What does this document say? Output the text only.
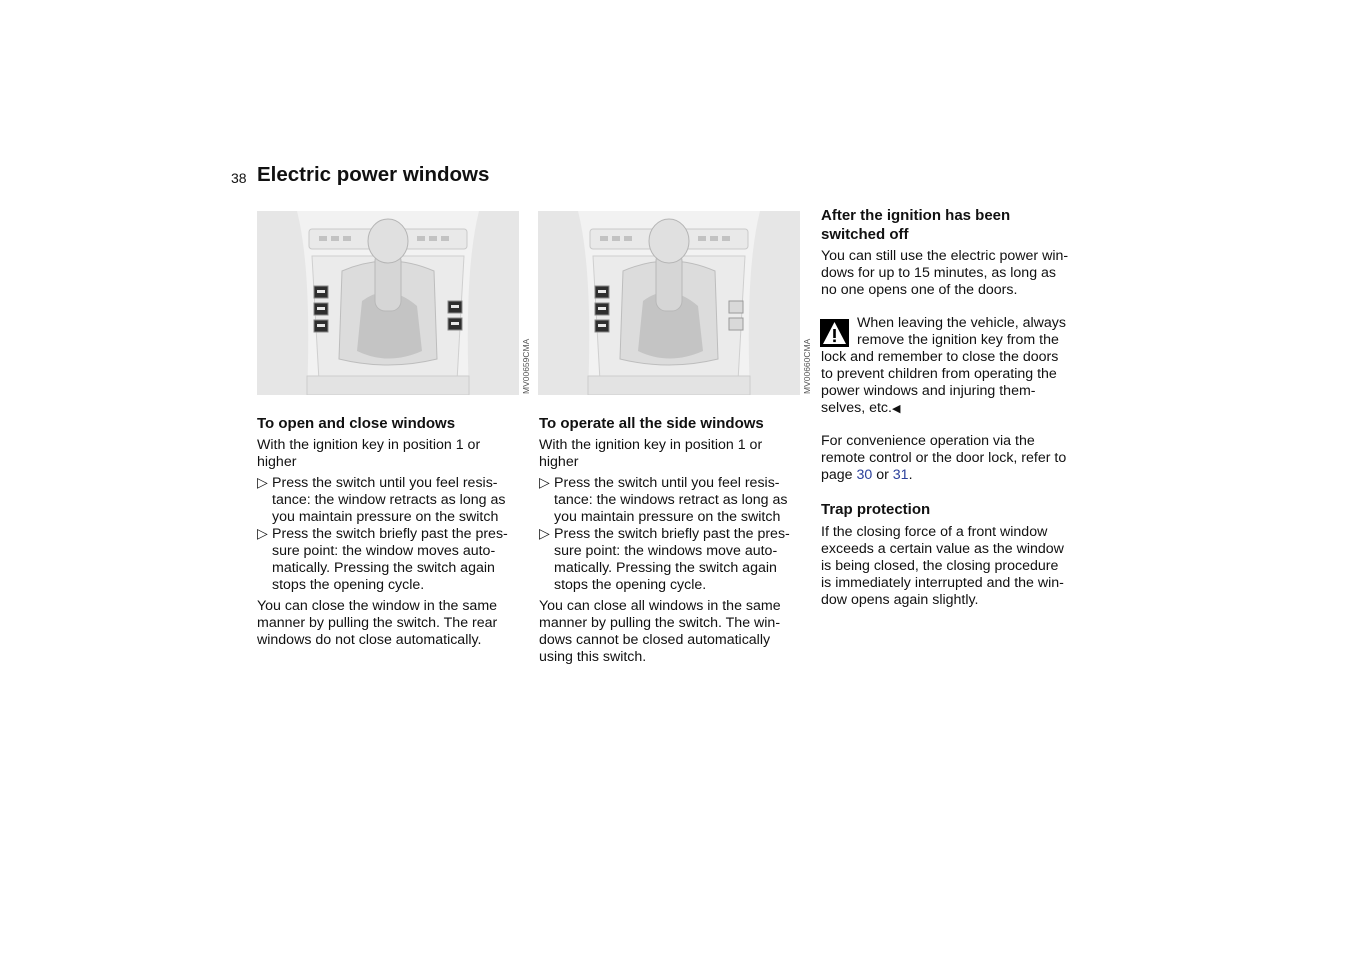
38 Electric power windows
MV00659CMA	MV00660CMA
To open and close windows

With the ignition key in position 1 or
higher

▷ Press the switch until you feel resis-
tance: the window retracts as long as
you maintain pressure on the switch
▷ Press the switch briefly past the pres-
sure point: the window moves auto-
matically. Pressing the switch again
stops the opening cycle.

You can close the window in the same
manner by pulling the switch. The rear
windows do not close automatically.

To operate all the side windows

With the ignition key in position 1 or
higher

▷ Press the switch until you feel resis-
tance: the windows retract as long as
you maintain pressure on the switch
▷ Press the switch briefly past the pres-
sure point: the windows move auto-
matically. Pressing the switch again
stops the opening cycle.

You can close all windows in the same
manner by pulling the switch. The win-
dows cannot be closed automatically
using this switch.

After the ignition has been
switched off

You can still use the electric power win-
dows for up to 15 minutes, as long as
no one opens one of the doors.

When leaving the vehicle, always
remove the ignition key from the

lock and remember to close the doors
to prevent children from operating the
power windows and injuring them-
selves, etc.◀

For convenience operation via the
remote control or the door lock, refer to
page 30 or 31.

Trap protection

If the closing force of a front window
exceeds a certain value as the window
is being closed, the closing procedure
is immediately interrupted and the win-
dow opens again slightly.
